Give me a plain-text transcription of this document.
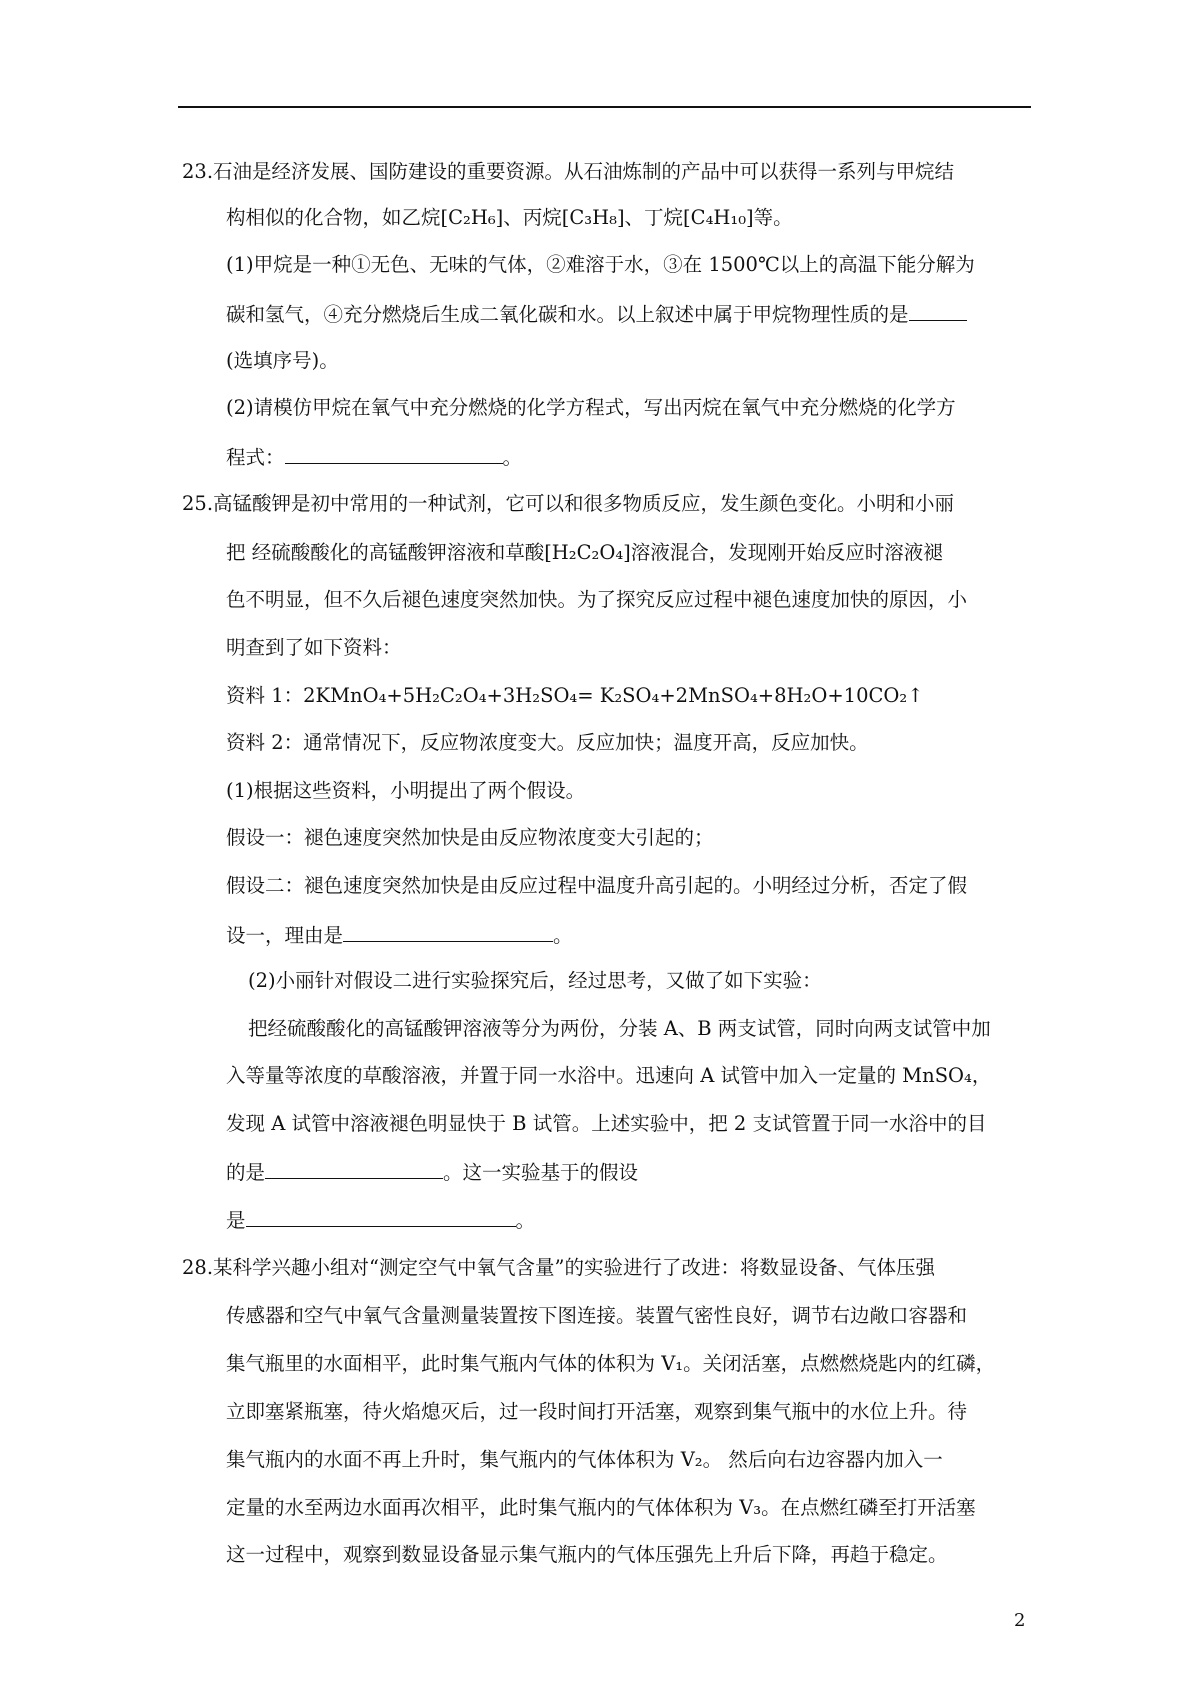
23.石油是经济发展、国防建设的重要资源。从石油炼制的产品中可以获得一系列与甲烷结
构相似的化合物，如乙烷[C₂H₆]、丙烷[C₃H₈]、丁烷[C₄H₁₀]等。
(1)甲烷是一种①无色、无味的气体，②难溶于水，③在 1500℃以上的高温下能分解为
碳和氢气，④充分燃烧后生成二氧化碳和水。以上叙述中属于甲烷物理性质的是
(选填序号)。
(2)请模仿甲烷在氧气中充分燃烧的化学方程式，写出丙烷在氧气中充分燃烧的化学方
程式：	。
25.高锰酸钾是初中常用的一种试剂，它可以和很多物质反应，发生颜色变化。小明和小丽
把 经硫酸酸化的高锰酸钾溶液和草酸[H₂C₂O₄]溶液混合，发现刚开始反应时溶液褪
色不明显，但不久后褪色速度突然加快。为了探究反应过程中褪色速度加快的原因，小
明查到了如下资料：
资料 1：2KMnO₄+5H₂C₂O₄+3H₂SO₄= K₂SO₄+2MnSO₄+8H₂O+10CO₂↑
资料 2：通常情况下，反应物浓度变大。反应加快；温度开高，反应加快。
(1)根据这些资料，小明提出了两个假设。
假设一：褪色速度突然加快是由反应物浓度变大引起的；
假设二：褪色速度突然加快是由反应过程中温度升高引起的。小明经过分析，否定了假
设一，理由是	。
(2)小丽针对假设二进行实验探究后，经过思考，又做了如下实验：
把经硫酸酸化的高锰酸钾溶液等分为两份，分装 A、B 两支试管，同时向两支试管中加
入等量等浓度的草酸溶液，并置于同一水浴中。迅速向 A 试管中加入一定量的 MnSO₄，
发现 A 试管中溶液褪色明显快于 B 试管。上述实验中，把 2 支试管置于同一水浴中的目
的是	。这一实验基于的假设
是	。
28.某科学兴趣小组对“测定空气中氧气含量”的实验进行了改进：将数显设备、气体压强
传感器和空气中氧气含量测量装置按下图连接。装置气密性良好，调节右边敞口容器和
集气瓶里的水面相平，此时集气瓶内气体的体积为 V₁。关闭活塞，点燃燃烧匙内的红磷，
立即塞紧瓶塞，待火焰熄灭后，过一段时间打开活塞，观察到集气瓶中的水位上升。待
集气瓶内的水面不再上升时，集气瓶内的气体体积为 V₂。 然后向右边容器内加入一
定量的水至两边水面再次相平，此时集气瓶内的气体体积为 V₃。在点燃红磷至打开活塞
这一过程中，观察到数显设备显示集气瓶内的气体压强先上升后下降，再趋于稳定。
2
